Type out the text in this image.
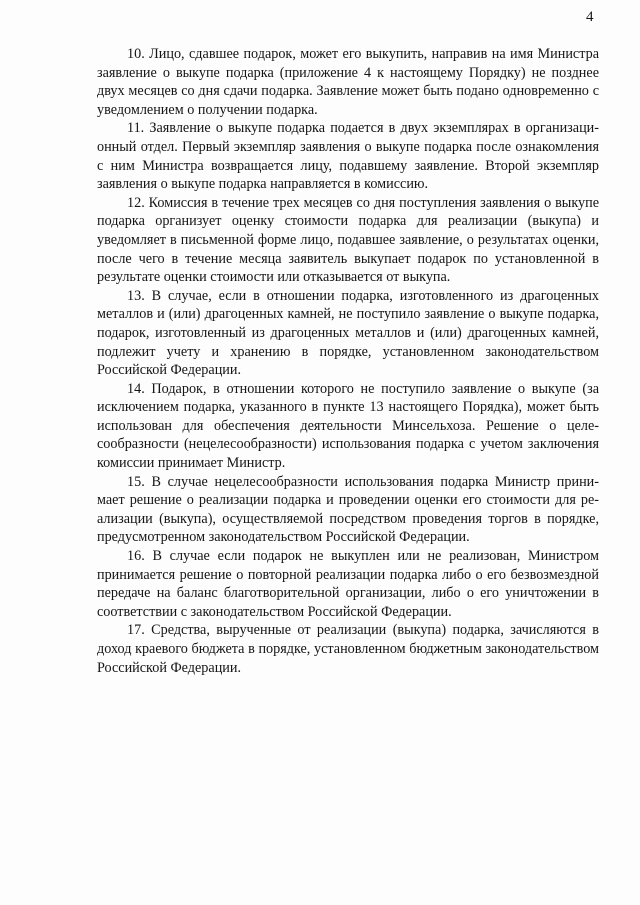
4

10. Лицо, сдавшее подарок, может его выкупить, направив на имя Министра заявление о выкупе подарка (приложение 4 к настоящему Порядку) не позднее двух месяцев со дня сдачи подарка. Заявление может быть подано одновременно с уведомлением о получении подарка.

11. Заявление о выкупе подарка подается в двух экземплярах в организационный отдел. Первый экземпляр заявления о выкупе подарка после ознакомления с ним Министра возвращается лицу, подавшему заявление. Второй экземпляр заявления о выкупе подарка направляется в комиссию.

12. Комиссия в течение трех месяцев со дня поступления заявления о выкупе подарка организует оценку стоимости подарка для реализации (выкупа) и уведомляет в письменной форме лицо, подавшее заявление, о результатах оценки, после чего в течение месяца заявитель выкупает подарок по установленной в результате оценки стоимости или отказывается от выкупа.

13. В случае, если в отношении подарка, изготовленного из драгоценных металлов и (или) драгоценных камней, не поступило заявление о выкупе подарка, подарок, изготовленный из драгоценных металлов и (или) драгоценных камней, подлежит учету и хранению в порядке, установленном законодательством Российской Федерации.

14. Подарок, в отношении которого не поступило заявление о выкупе (за исключением подарка, указанного в пункте 13 настоящего Порядка), может быть использован для обеспечения деятельности Минсельхоза. Решение о целесообразности (нецелесообразности) использования подарка с учетом заключения комиссии принимает Министр.

15. В случае нецелесообразности использования подарка Министр принимает решение о реализации подарка и проведении оценки его стоимости для реализации (выкупа), осуществляемой посредством проведения торгов в порядке, предусмотренном законодательством Российской Федерации.

16. В случае если подарок не выкуплен или не реализован, Министром принимается решение о повторной реализации подарка либо о его безвозмездной передаче на баланс благотворительной организации, либо о его уничтожении в соответствии с законодательством Российской Федерации.

17. Средства, вырученные от реализации (выкупа) подарка, зачисляются в доход краевого бюджета в порядке, установленном бюджетным законодательством Российской Федерации.
